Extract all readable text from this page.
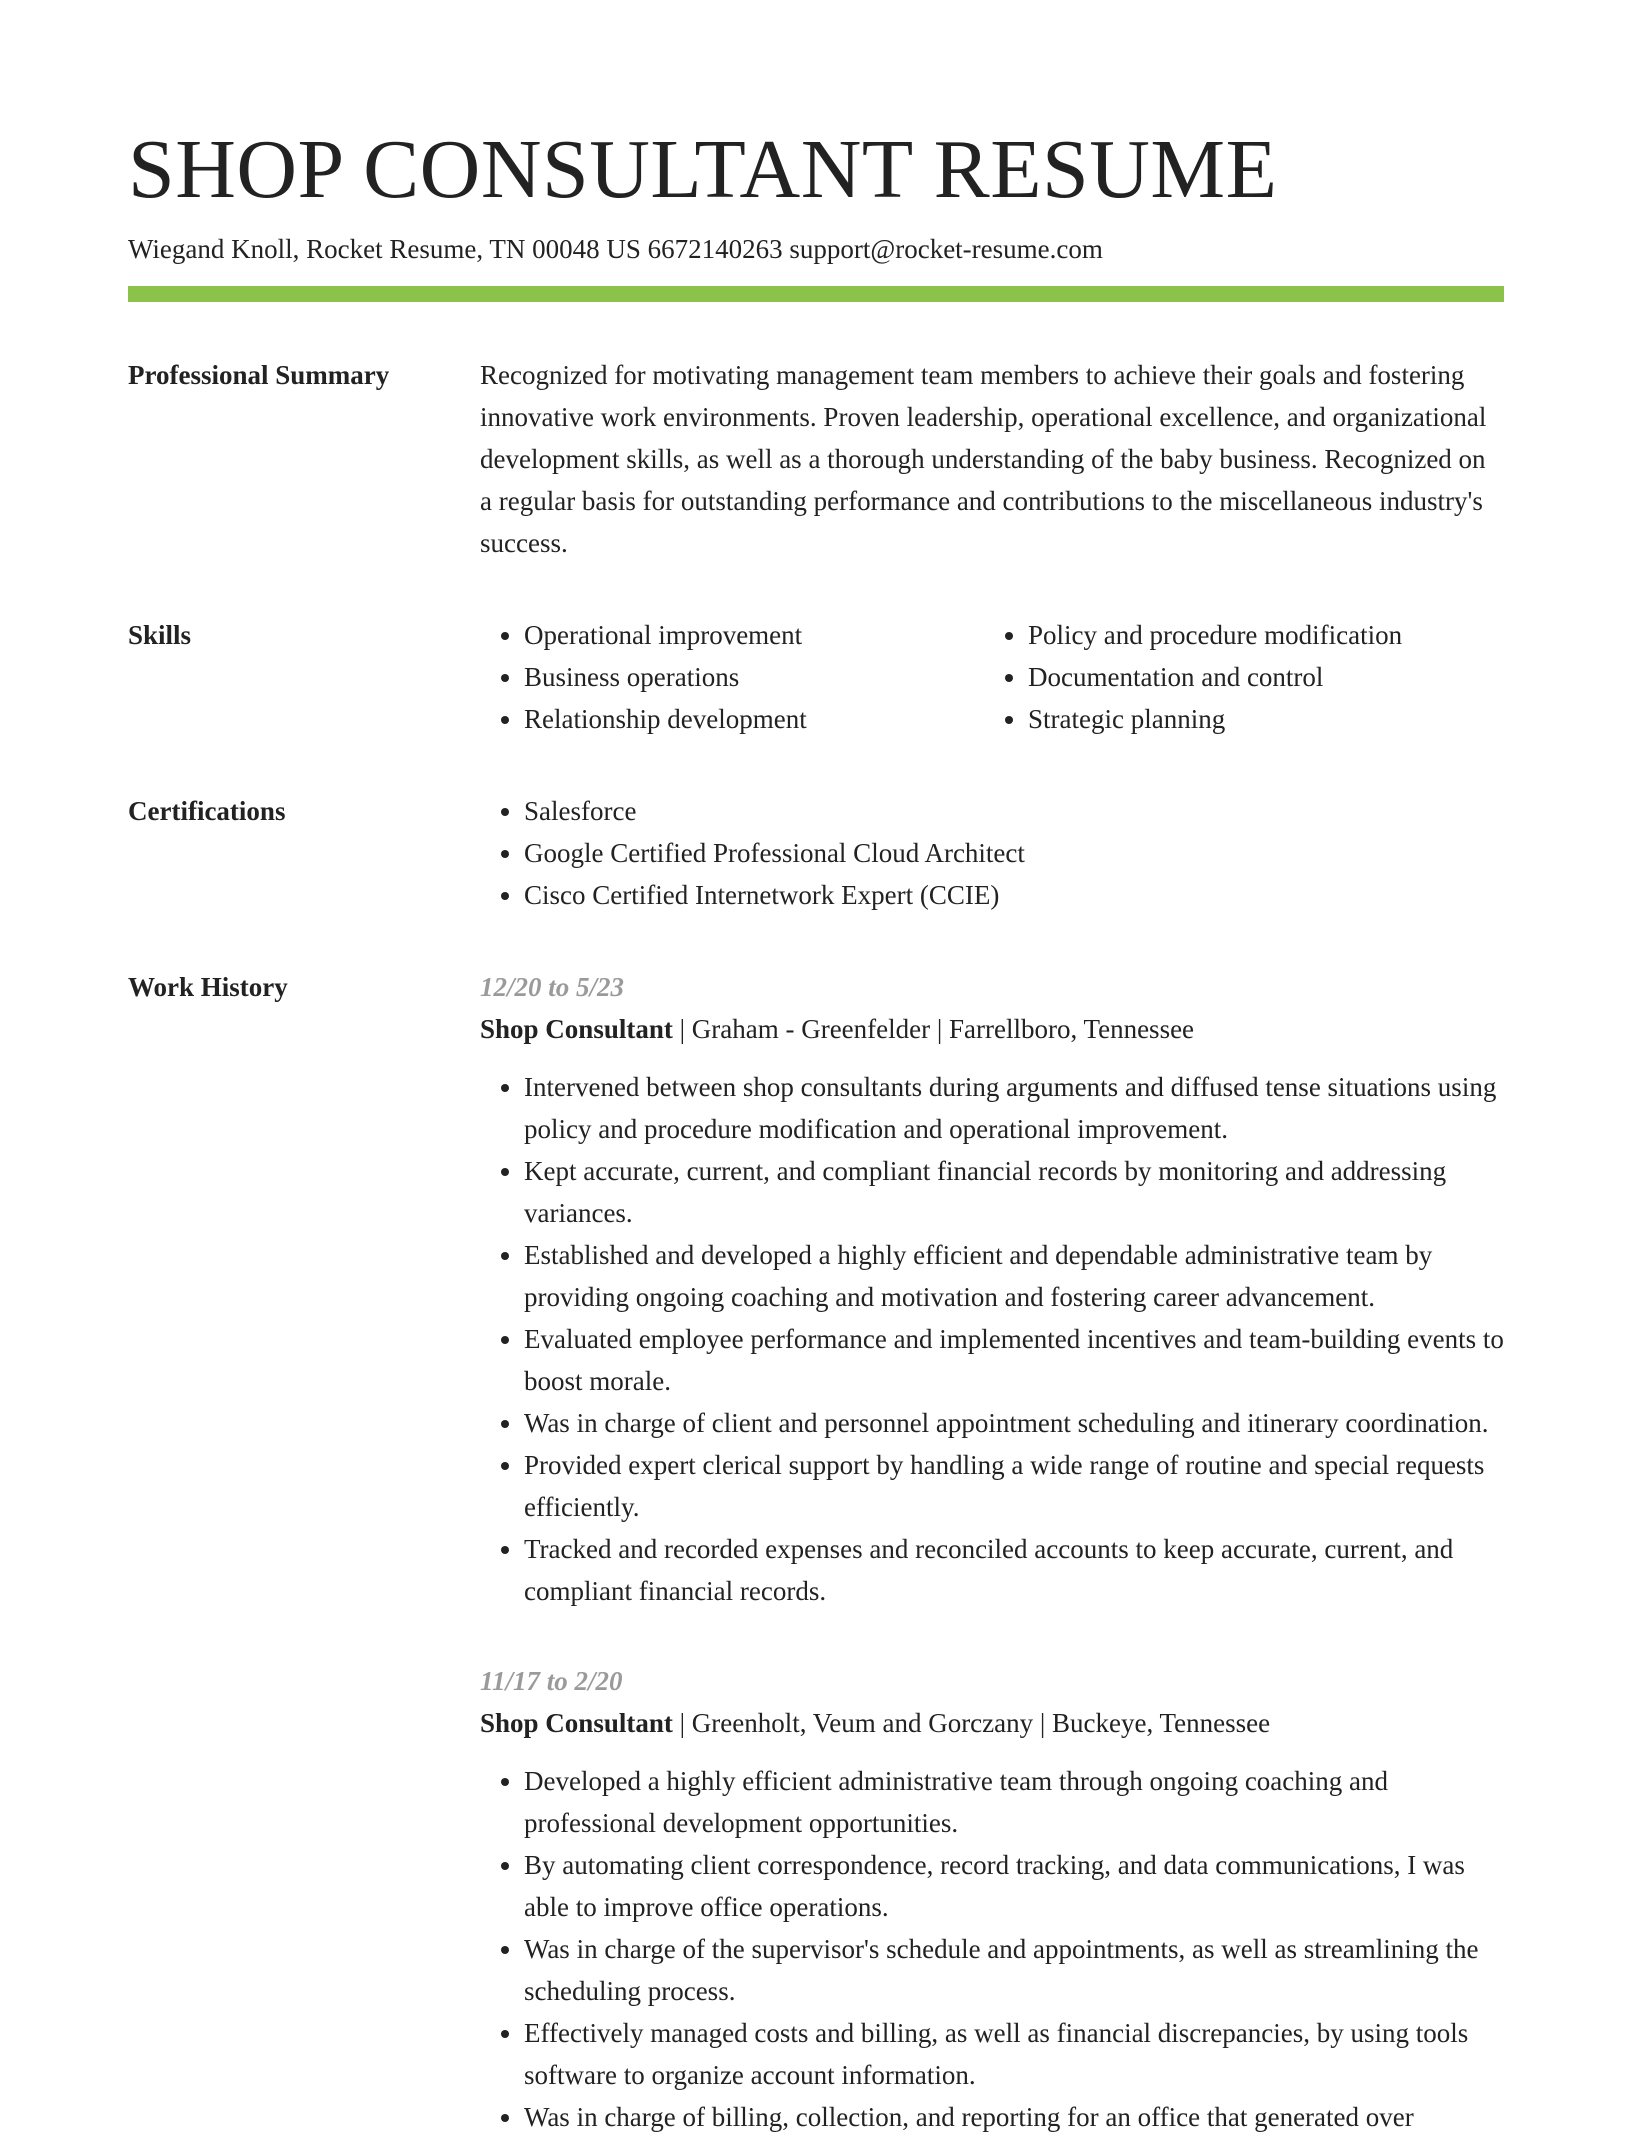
SHOP CONSULTANT RESUME
Wiegand Knoll, Rocket Resume, TN 00048 US 6672140263 support@rocket-resume.com
Professional Summary	Recognized for motivating management team members to achieve their goals and fostering innovative work environments. Proven leadership, operational excellence, and organizational development skills, as well as a thorough understanding of the baby business. Recognized on a regular basis for outstanding performance and contributions to the miscellaneous industry's success.

Skills	• Operational improvement
• Business operations
• Relationship development
• Policy and procedure modification
• Documentation and control
• Strategic planning
Certifications	• Salesforce
• Google Certified Professional Cloud Architect
• Cisco Certified Internetwork Expert (CCIE)
Work History	12/20 to 5/23
Shop Consultant | Graham - Greenfelder | Farrellboro, Tennessee
• Intervened between shop consultants during arguments and diffused tense situations using policy and procedure modification and operational improvement.
• Kept accurate, current, and compliant financial records by monitoring and addressing variances.
• Established and developed a highly efficient and dependable administrative team by providing ongoing coaching and motivation and fostering career advancement.
• Evaluated employee performance and implemented incentives and team-building events to boost morale.
• Was in charge of client and personnel appointment scheduling and itinerary coordination.
• Provided expert clerical support by handling a wide range of routine and special requests efficiently.
• Tracked and recorded expenses and reconciled accounts to keep accurate, current, and compliant financial records.
11/17 to 2/20
Shop Consultant | Greenholt, Veum and Gorczany | Buckeye, Tennessee
• Developed a highly efficient administrative team through ongoing coaching and professional development opportunities.
• By automating client correspondence, record tracking, and data communications, I was able to improve office operations.
• Was in charge of the supervisor's schedule and appointments, as well as streamlining the scheduling process.
• Effectively managed costs and billing, as well as financial discrepancies, by using tools software to organize account information.
• Was in charge of billing, collection, and reporting for an office that generated over
